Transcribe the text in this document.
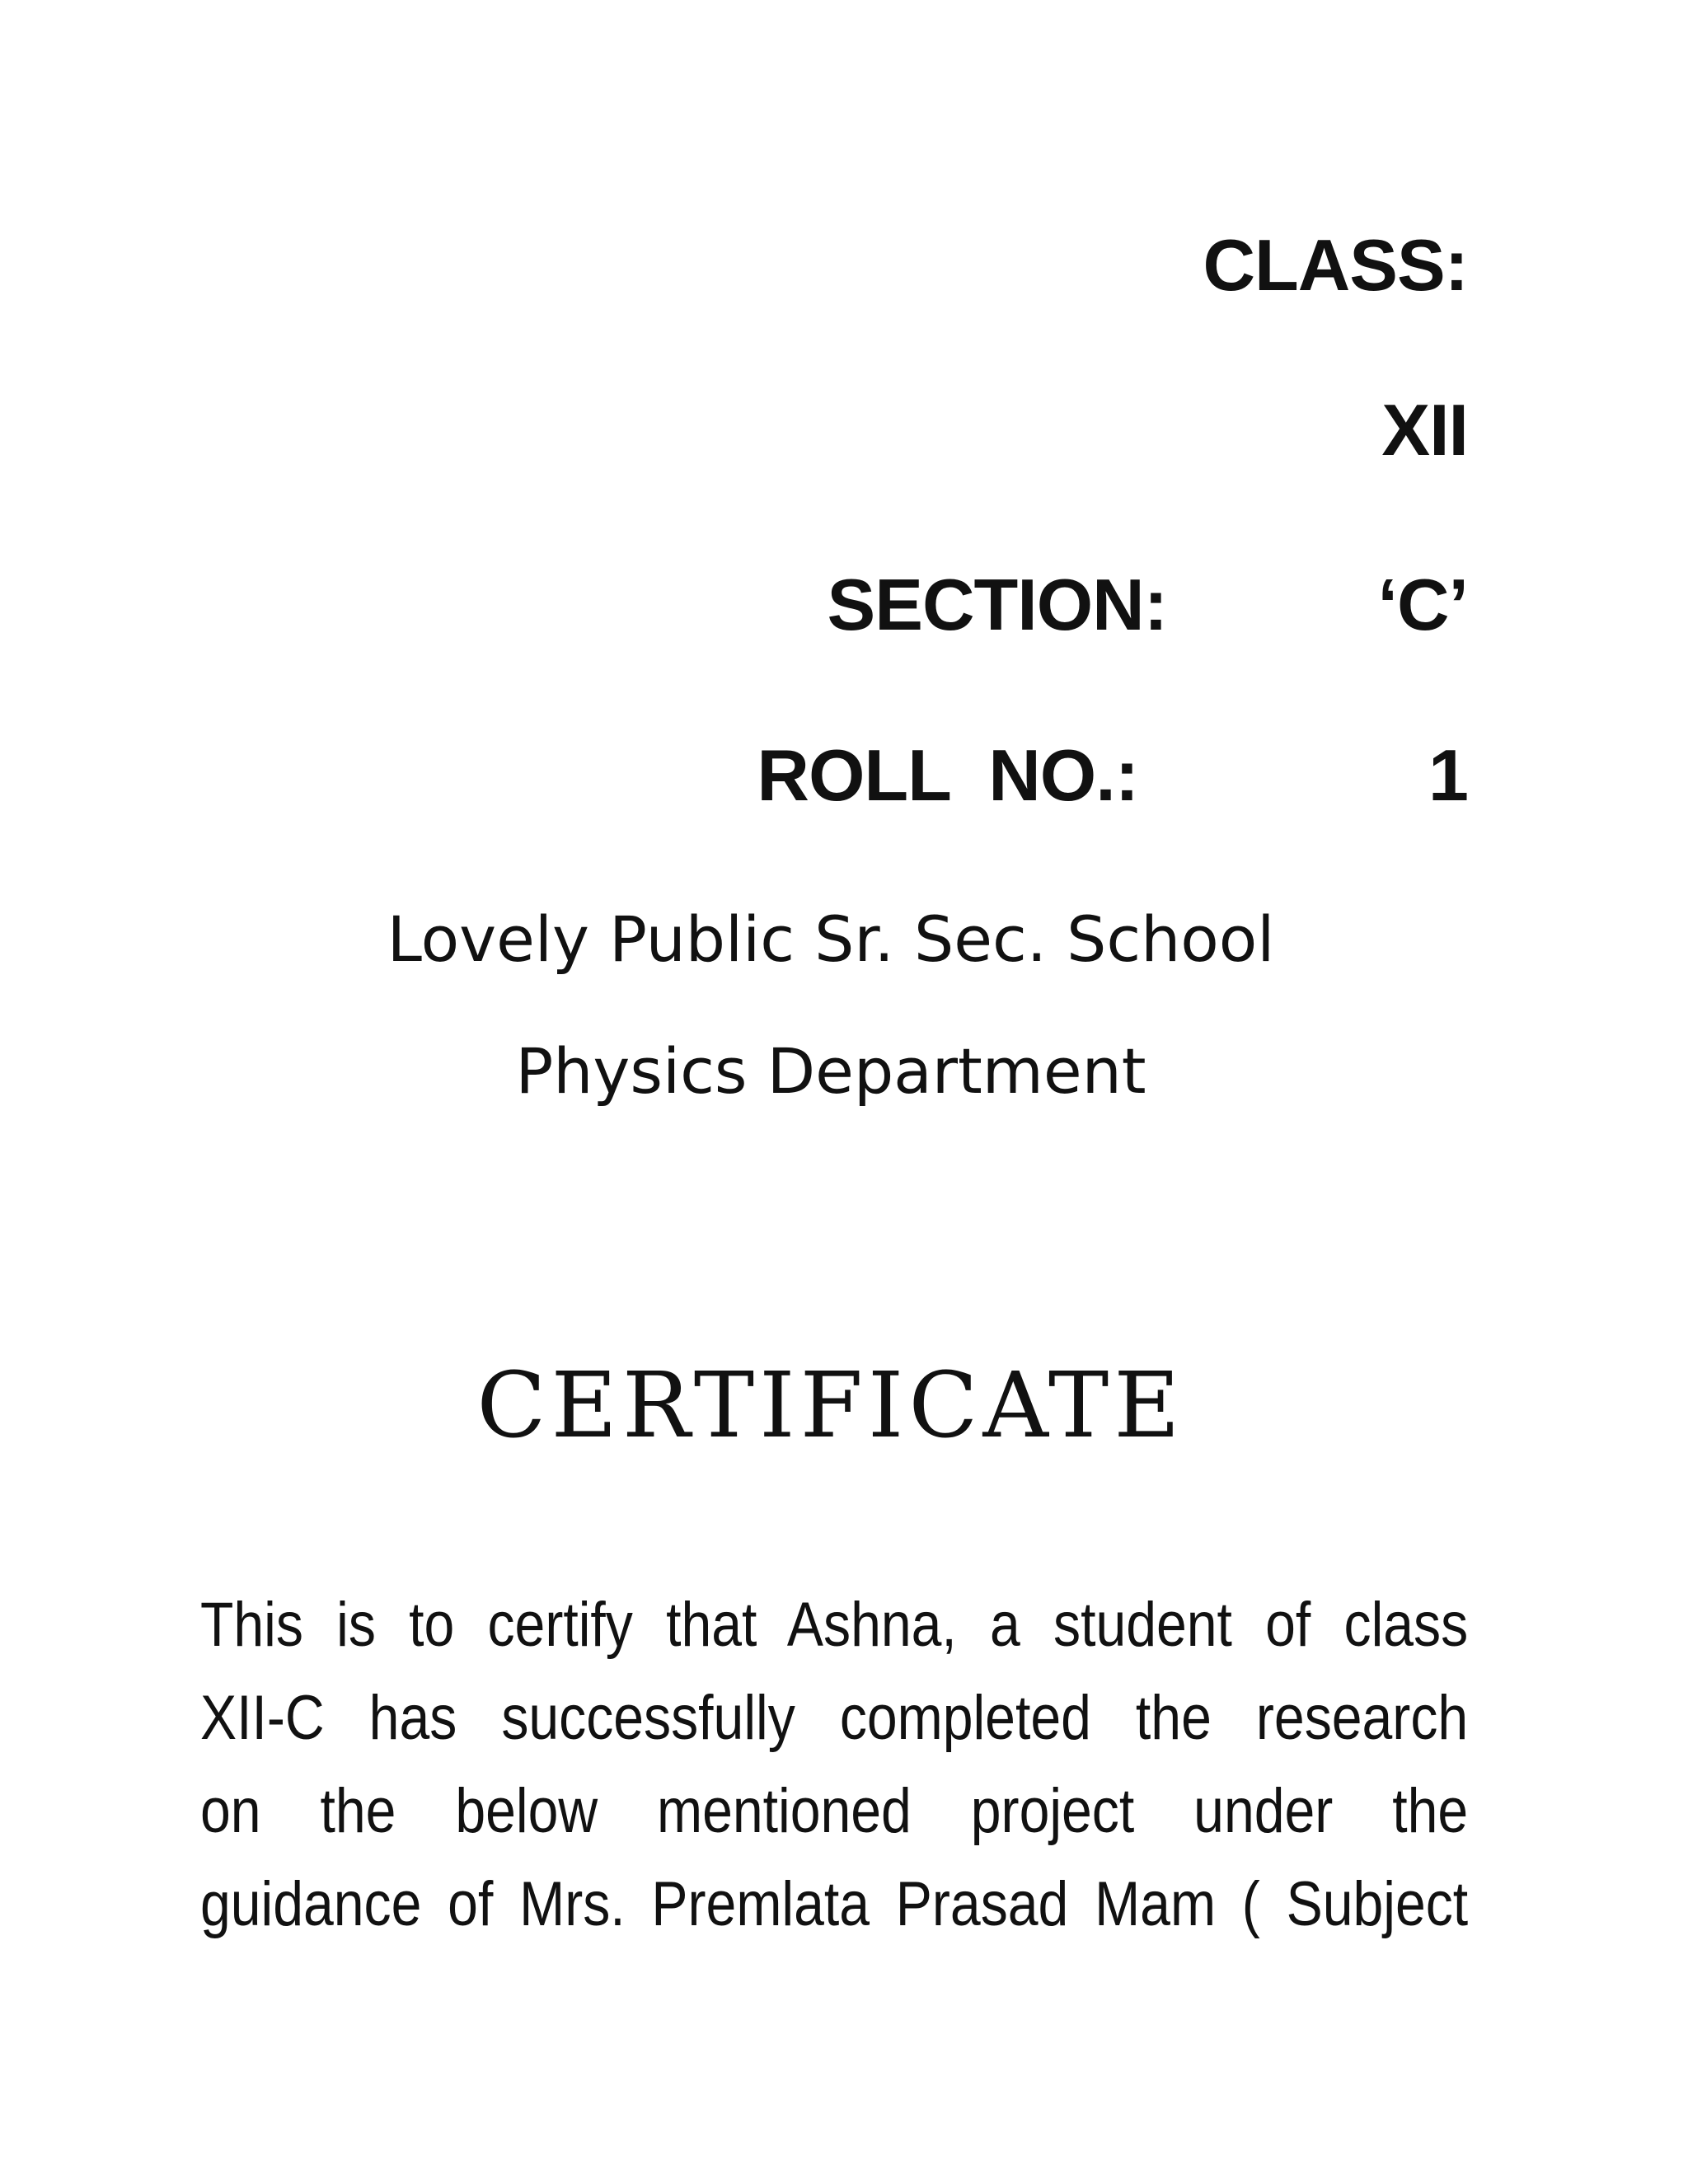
CLASS:
XII
SECTION:	‘C’
ROLL  NO.:	1
Lovely Public Sr. Sec. School
Physics Department
CERTIFICATE
This is to certify that Ashna, a student of class
XII-C has successfully completed the research
on the below mentioned project under the
guidance of Mrs. Premlata Prasad Mam ( Subject
